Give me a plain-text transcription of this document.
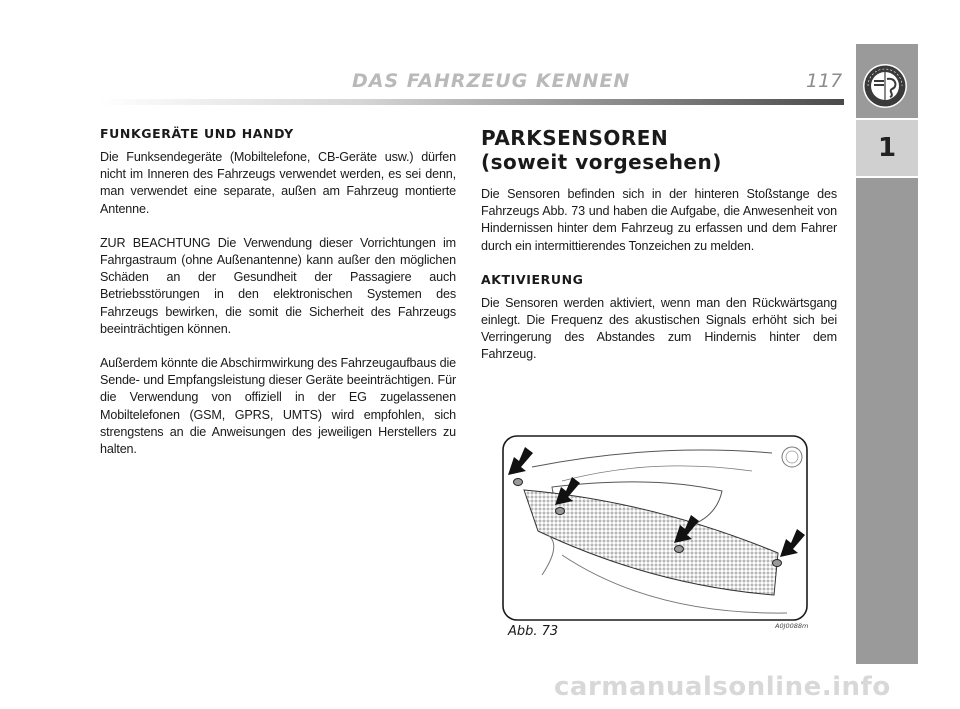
DAS FAHRZEUG KENNEN	117
1
FUNKGERÄTE UND HANDY

Die Funksendegeräte (Mobiltelefone, CB-Geräte usw.) dürfen nicht im Inneren des Fahrzeugs verwendet werden, es sei denn, man verwendet eine separate, außen am Fahrzeug montierte Antenne.

ZUR BEACHTUNG Die Verwendung dieser Vorrichtungen im Fahrgastraum (ohne Außenantenne) kann außer den möglichen Schäden an der Gesundheit der Passagiere auch Betriebsstörungen in den elektronischen Systemen des Fahrzeugs bewirken, die somit die Sicherheit des Fahrzeugs beeinträchtigen können.

Außerdem könnte die Abschirmwirkung des Fahrzeugaufbaus die Sende- und Empfangsleistung dieser Geräte beeinträchtigen. Für die Verwendung von offiziell in der EG zugelassenen Mobiltelefonen (GSM, GPRS, UMTS) wird empfohlen, sich strengstens an die Anweisungen des jeweiligen Herstellers zu halten.

PARKSENSOREN
(soweit vorgesehen)

Die Sensoren befinden sich in der hinteren Stoßstange des Fahrzeugs Abb. 73 und haben die Aufgabe, die Anwesenheit von Hindernissen hinter dem Fahrzeug zu erfassen und dem Fahrer durch ein intermittierendes Tonzeichen zu melden.

AKTIVIERUNG

Die Sensoren werden aktiviert, wenn man den Rückwärtsgang einlegt. Die Frequenz des akustischen Signals erhöht sich bei Verringerung des Abstandes zum Hindernis hinter dem Fahrzeug.

Abb. 73	A0J0088m
carmanualsonline.info
